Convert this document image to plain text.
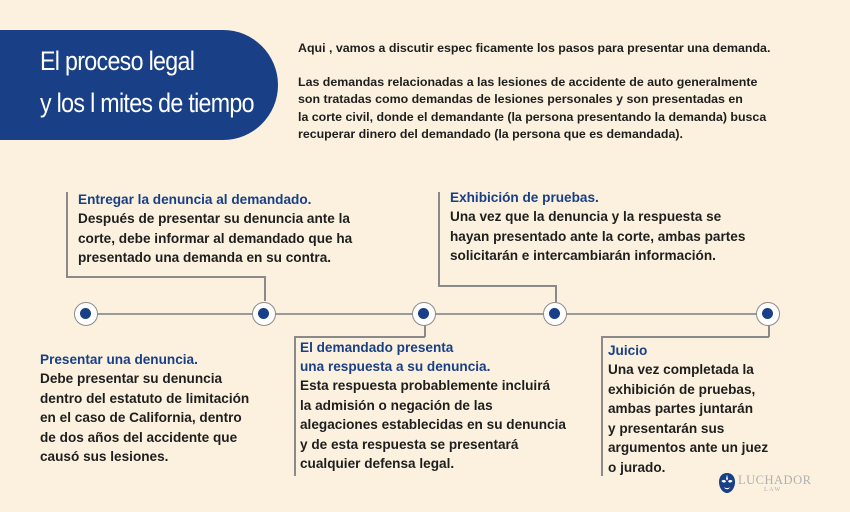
El proceso legal
y los l mites de tiempo

Aqui , vamos a discutir espec ficamente los pasos para presentar una demanda.

Las demandas relacionadas a las lesiones de accidente de auto generalmente
son tratadas como demandas de lesiones personales y son presentadas en
la corte civil, donde el demandante (la persona presentando la demanda) busca
recuperar dinero del demandado (la persona que es demandada).

Presentar una denuncia.
Debe presentar su denuncia
dentro del estatuto de limitación
en el caso de California, dentro
de dos años del accidente que
causó sus lesiones.
Entregar la denuncia al demandado.
Después de presentar su denuncia ante la
corte, debe informar al demandado que ha
presentado una demanda en su contra.
El demandado presenta
una respuesta a su denuncia.
Esta respuesta probablemente incluirá
la admisión o negación de las
alegaciones establecidas en su denuncia
y de esta respuesta se presentará
cualquier defensa legal.
Exhibición de pruebas.
Una vez que la denuncia y la respuesta se
hayan presentado ante la corte, ambas partes
solicitarán e intercambiarán información.
Juicio
Una vez completada la
exhibición de pruebas,
ambas partes juntarán
y presentarán sus
argumentos ante un juez
o jurado.
LUCHADOR
LAW
